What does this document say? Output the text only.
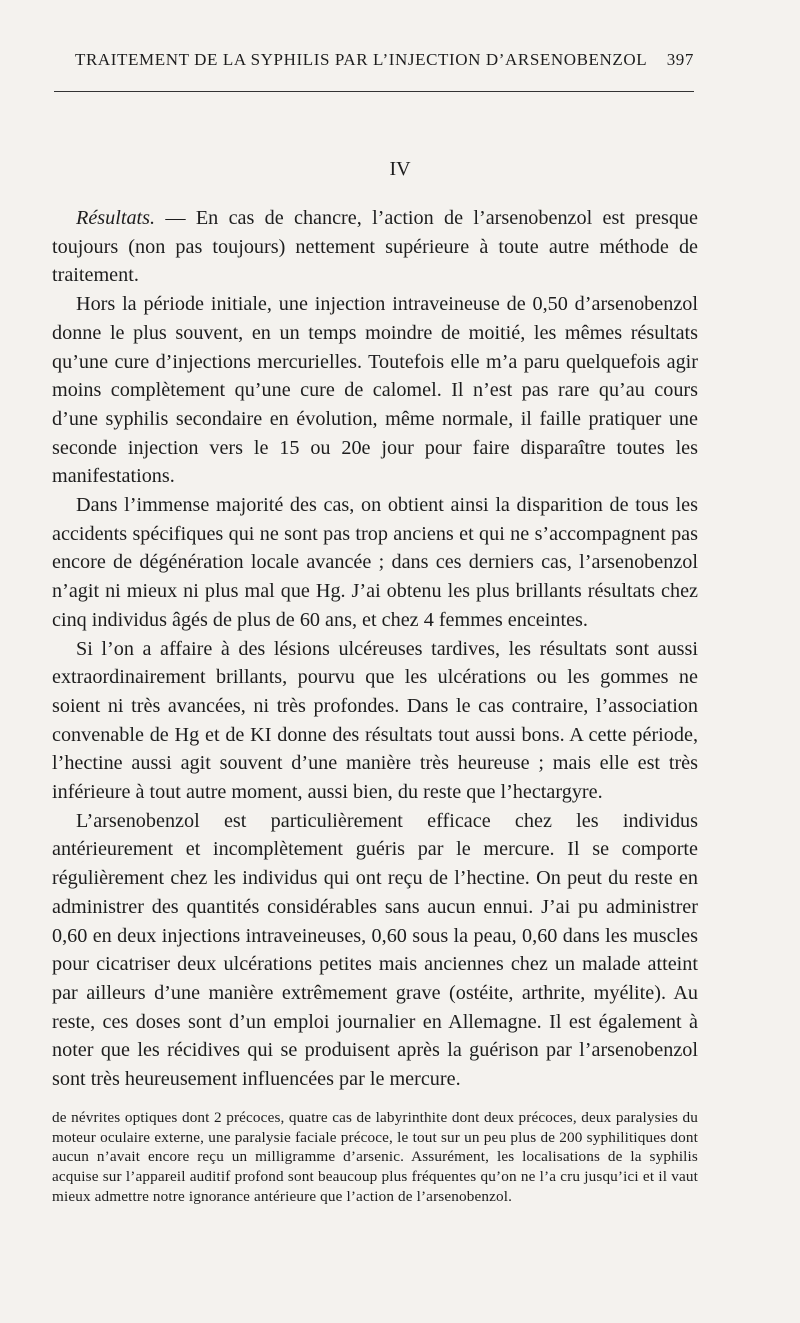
TRAITEMENT DE LA SYPHILIS PAR L’INJECTION D’ARSENOBENZOL 397
IV

Résultats. — En cas de chancre, l’action de l’arsenobenzol est presque toujours (non pas toujours) nettement supérieure à toute autre méthode de traitement.

Hors la période initiale, une injection intraveineuse de 0,50 d’arsenobenzol donne le plus souvent, en un temps moindre de moitié, les mêmes résultats qu’une cure d’injections mercurielles. Toutefois elle m’a paru quelquefois agir moins complètement qu’une cure de calomel. Il n’est pas rare qu’au cours d’une syphilis secondaire en évolution, même normale, il faille pratiquer une seconde injection vers le 15 ou 20e jour pour faire disparaître toutes les manifestations.

Dans l’immense majorité des cas, on obtient ainsi la disparition de tous les accidents spécifiques qui ne sont pas trop anciens et qui ne s’accompagnent pas encore de dégénération locale avancée ; dans ces derniers cas, l’arsenobenzol n’agit ni mieux ni plus mal que Hg. J’ai obtenu les plus brillants résultats chez cinq individus âgés de plus de 60 ans, et chez 4 femmes enceintes.

Si l’on a affaire à des lésions ulcéreuses tardives, les résultats sont aussi extraordinairement brillants, pourvu que les ulcérations ou les gommes ne soient ni très avancées, ni très profondes. Dans le cas contraire, l’association convenable de Hg et de KI donne des résultats tout aussi bons. A cette période, l’hectine aussi agit souvent d’une manière très heureuse ; mais elle est très inférieure à tout autre moment, aussi bien, du reste que l’hectargyre.

L’arsenobenzol est particulièrement efficace chez les individus antérieurement et incomplètement guéris par le mercure. Il se comporte régulièrement chez les individus qui ont reçu de l’hectine. On peut du reste en administrer des quantités considérables sans aucun ennui. J’ai pu administrer 0,60 en deux injections intraveineuses, 0,60 sous la peau, 0,60 dans les muscles pour cicatriser deux ulcérations petites mais anciennes chez un malade atteint par ailleurs d’une manière extrêmement grave (ostéite, arthrite, myélite). Au reste, ces doses sont d’un emploi journalier en Allemagne. Il est également à noter que les récidives qui se produisent après la guérison par l’arsenobenzol sont très heureusement influencées par le mercure.

de névrites optiques dont 2 précoces, quatre cas de labyrinthite dont deux précoces, deux paralysies du moteur oculaire externe, une paralysie faciale précoce, le tout sur un peu plus de 200 syphilitiques dont aucun n’avait encore reçu un milligramme d’arsenic. Assurément, les localisations de la syphilis acquise sur l’appareil auditif profond sont beaucoup plus fréquentes qu’on ne l’a cru jusqu’ici et il vaut mieux admettre notre ignorance antérieure que l’action de l’arsenobenzol.
